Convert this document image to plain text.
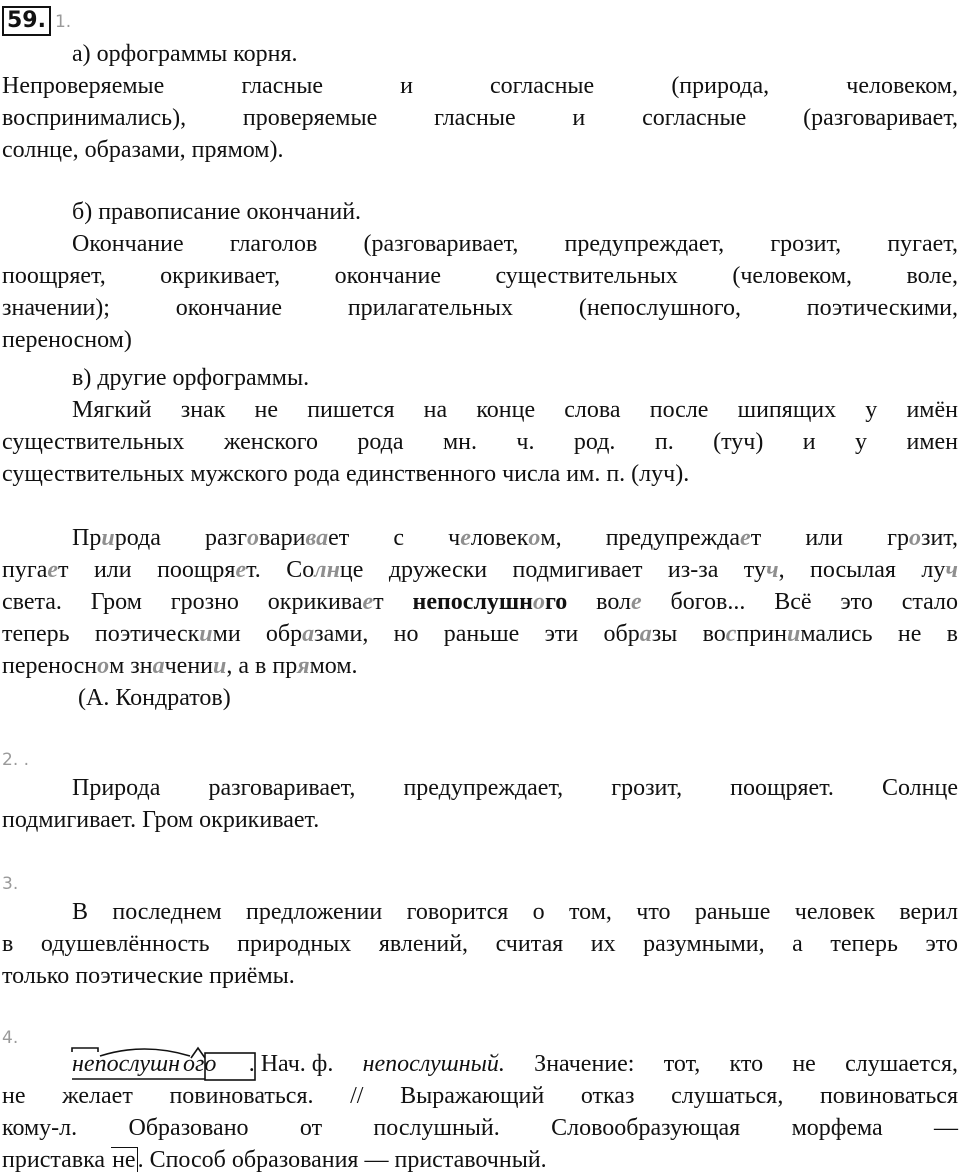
59. 1.
а) орфограммы корня.
Непроверяемые гласные и согласные (природа, человеком,
воспринимались), проверяемые гласные и согласные (разговаривает,
солнце, образами, прямом).
б) правописание окончаний.
Окончание глаголов (разговаривает, предупреждает, грозит, пугает,
поощряет, окрикивает, окончание существительных (человеком, воле,
значении); окончание прилагательных (непослушного, поэтическими,
переносном)
в) другие орфограммы.
Мягкий знак не пишется на конце слова после шипящих у имён
существительных женского рода мн. ч. род. п. (туч) и у имен
существительных мужского рода единственного числа им. п. (луч).
Природа разговаривает с человеком, предупреждает или грозит,
пугает или поощряет. Солнце дружески подмигивает из-за туч, посылая луч
света. Гром грозно окрикивает непослушного воле богов... Всё это стало
теперь поэтическими образами, но раньше эти образы воспринимались не в
переносном значении, а в прямом.
(А. Кондратов)
2. .
Природа разговаривает, предупреждает, грозит, поощряет. Солнце
подмигивает. Гром окрикивает.
3.
В последнем предложении говорится о том, что раньше человек верил
в одушевлённость природных явлений, считая их разумными, а теперь это
только поэтические приёмы.
4.
непослушн ого . Нач. ф. непослушный. Значение: тот, кто не слушается,
не желает повиноваться. // Выражающий отказ слушаться, повиноваться
кому-л. Образовано от послушный. Словообразующая морфема —
приставка не. Способ образования — приставочный.
